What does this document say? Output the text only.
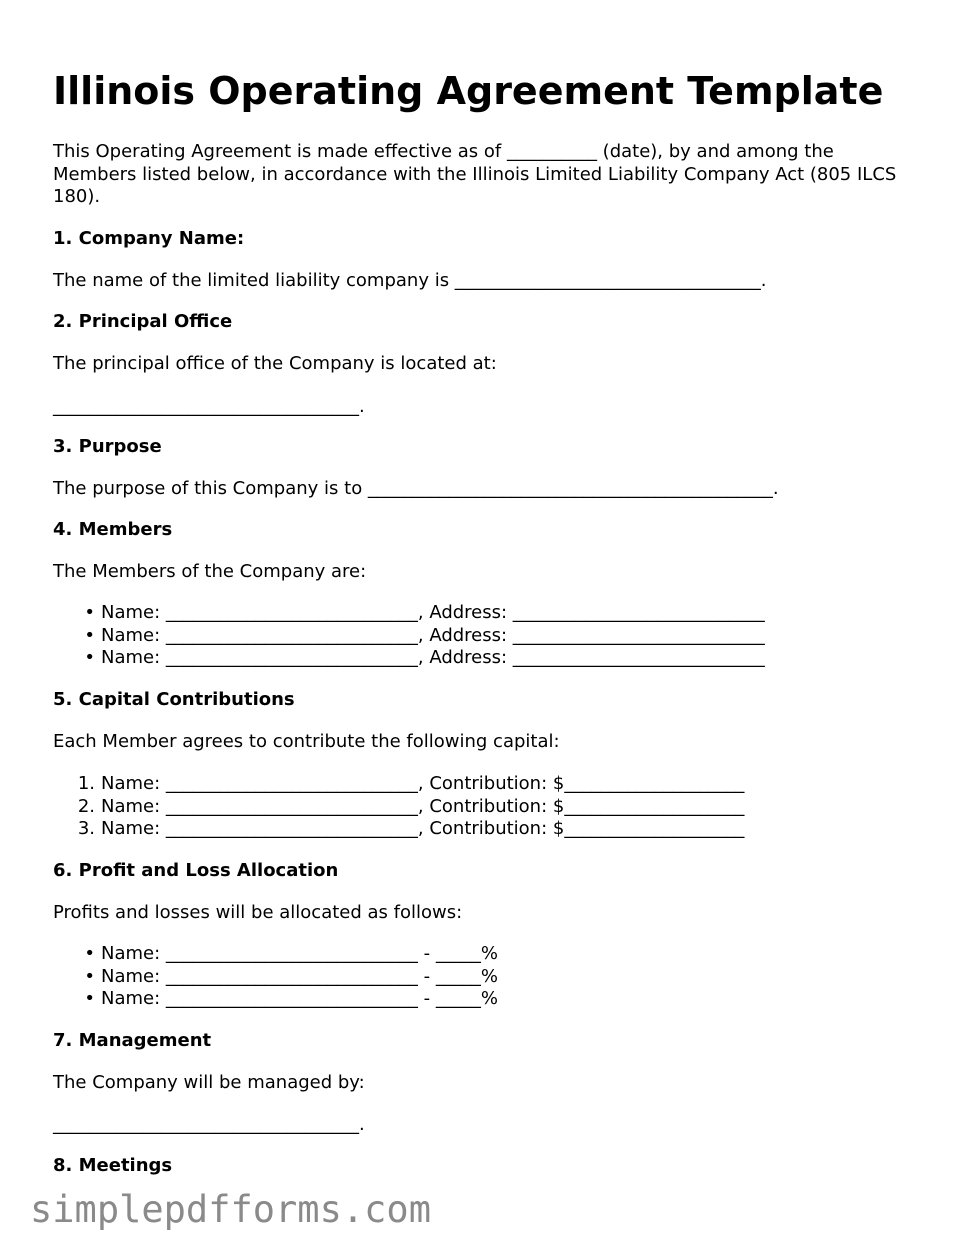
Illinois Operating Agreement Template

This Operating Agreement is made effective as of __________ (date), by and among the Members listed below, in accordance with the Illinois Limited Liability Company Act (805 ILCS 180).

1. Company Name:

The name of the limited liability company is __________________________________.

2. Principal Office

The principal office of the Company is located at:

__________________________________.

3. Purpose

The purpose of this Company is to _____________________________________________.

4. Members

The Members of the Company are:

• Name: ____________________________, Address: ____________________________
• Name: ____________________________, Address: ____________________________
• Name: ____________________________, Address: ____________________________

5. Capital Contributions

Each Member agrees to contribute the following capital:

1. Name: ____________________________, Contribution: $____________________
2. Name: ____________________________, Contribution: $____________________
3. Name: ____________________________, Contribution: $____________________

6. Profit and Loss Allocation

Profits and losses will be allocated as follows:

• Name: ____________________________ - _____%
• Name: ____________________________ - _____%
• Name: ____________________________ - _____%

7. Management

The Company will be managed by:

__________________________________.

8. Meetings

simplepdfforms.com
